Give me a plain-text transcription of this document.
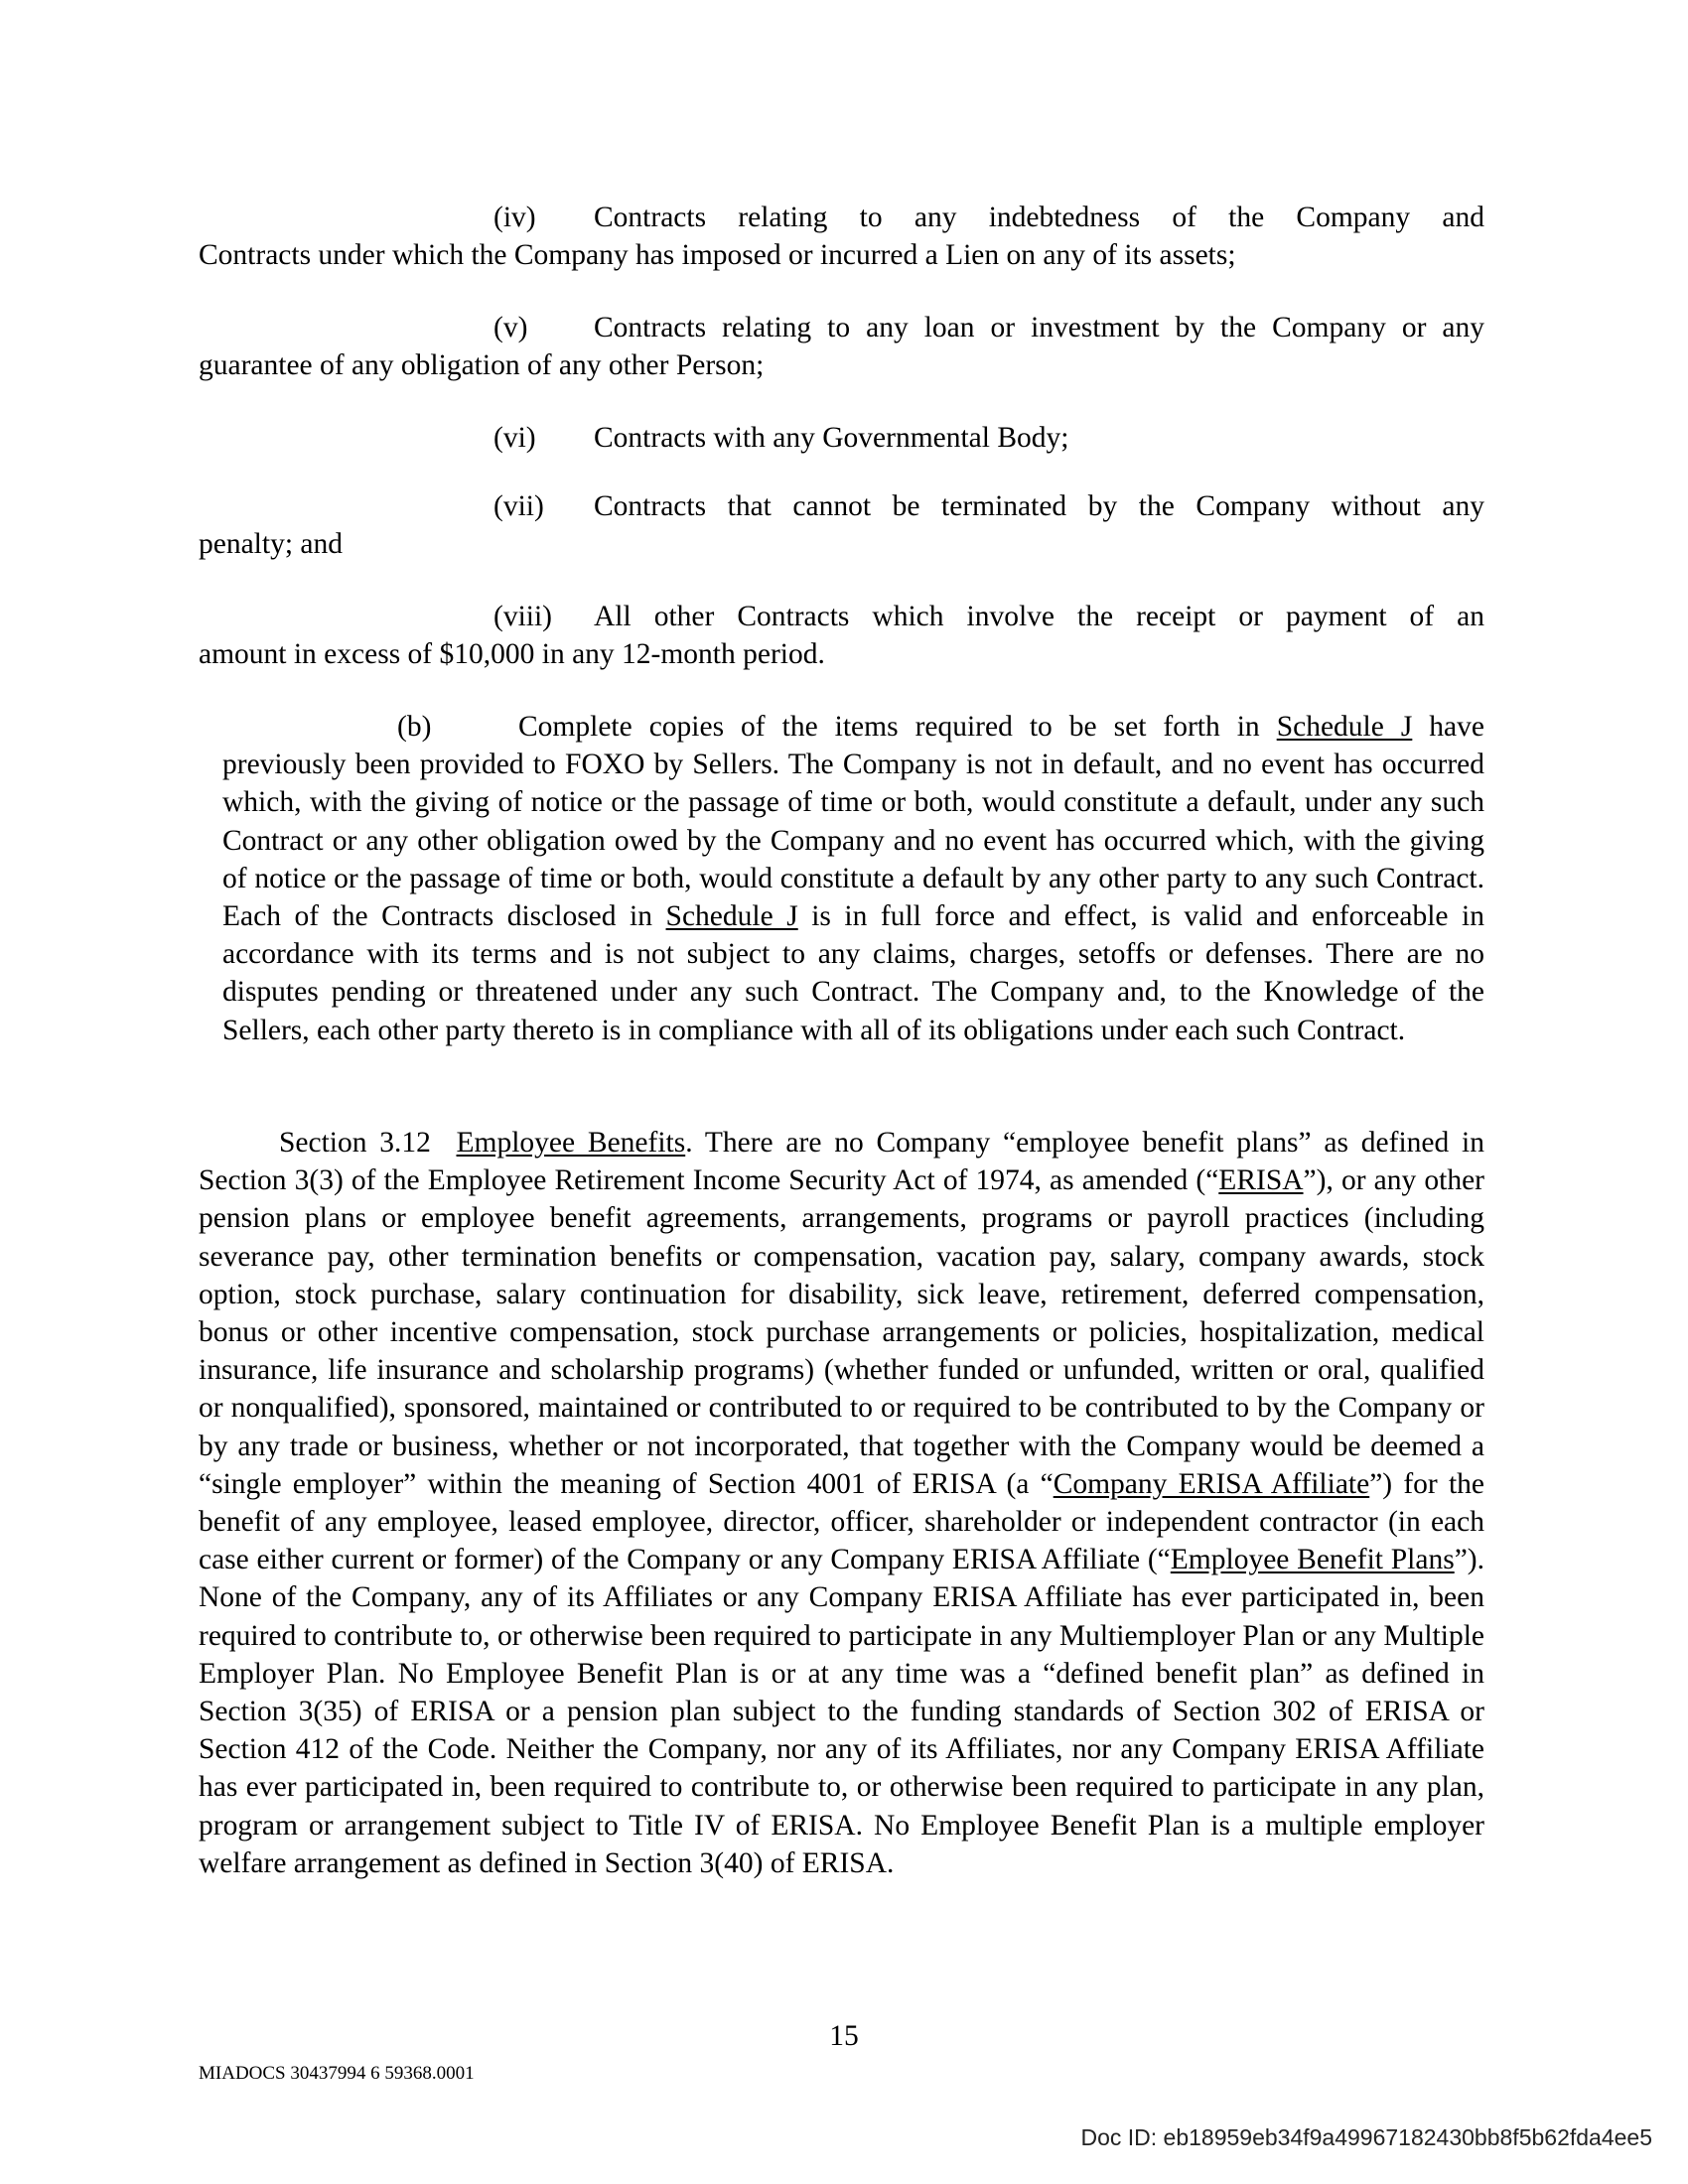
(iv)	Contracts relating to any indebtedness of the Company and
Contracts under which the Company has imposed or incurred a Lien on any of its assets;
(v)	Contracts relating to any loan or investment by the Company or any
guarantee of any obligation of any other Person;
(vi)	Contracts with any Governmental Body;
(vii)	Contracts that cannot be terminated by the Company without any
penalty; and
(viii)	All other Contracts which involve the receipt or payment of an
amount in excess of $10,000 in any 12-month period.
(b)	Complete copies of the items required to be set forth in Schedule J have previously been provided to FOXO by Sellers. The Company is not in default, and no event has occurred which, with the giving of notice or the passage of time or both, would constitute a default, under any such Contract or any other obligation owed by the Company and no event has occurred which, with the giving of notice or the passage of time or both, would constitute a default by any other party to any such Contract. Each of the Contracts disclosed in Schedule J is in full force and effect, is valid and enforceable in accordance with its terms and is not subject to any claims, charges, setoffs or defenses. There are no disputes pending or threatened under any such Contract. The Company and, to the Knowledge of the Sellers, each other party thereto is in compliance with all of its obligations under each such Contract.
Section 3.12 Employee Benefits. There are no Company “employee benefit plans” as defined in Section 3(3) of the Employee Retirement Income Security Act of 1974, as amended (“ERISA”), or any other pension plans or employee benefit agreements, arrangements, programs or payroll practices (including severance pay, other termination benefits or compensation, vacation pay, salary, company awards, stock option, stock purchase, salary continuation for disability, sick leave, retirement, deferred compensation, bonus or other incentive compensation, stock purchase arrangements or policies, hospitalization, medical insurance, life insurance and scholarship programs) (whether funded or unfunded, written or oral, qualified or nonqualified), sponsored, maintained or contributed to or required to be contributed to by the Company or by any trade or business, whether or not incorporated, that together with the Company would be deemed a “single employer” within the meaning of Section 4001 of ERISA (a “Company ERISA Affiliate”) for the benefit of any employee, leased employee, director, officer, shareholder or independent contractor (in each case either current or former) of the Company or any Company ERISA Affiliate (“Employee Benefit Plans”). None of the Company, any of its Affiliates or any Company ERISA Affiliate has ever participated in, been required to contribute to, or otherwise been required to participate in any Multiemployer Plan or any Multiple Employer Plan. No Employee Benefit Plan is or at any time was a “defined benefit plan” as defined in Section 3(35) of ERISA or a pension plan subject to the funding standards of Section 302 of ERISA or Section 412 of the Code. Neither the Company, nor any of its Affiliates, nor any Company ERISA Affiliate has ever participated in, been required to contribute to, or otherwise been required to participate in any plan, program or arrangement subject to Title IV of ERISA. No Employee Benefit Plan is a multiple employer welfare arrangement as defined in Section 3(40) of ERISA.
15
MIADOCS 30437994 6 59368.0001
Doc ID: eb18959eb34f9a49967182430bb8f5b62fda4ee5
